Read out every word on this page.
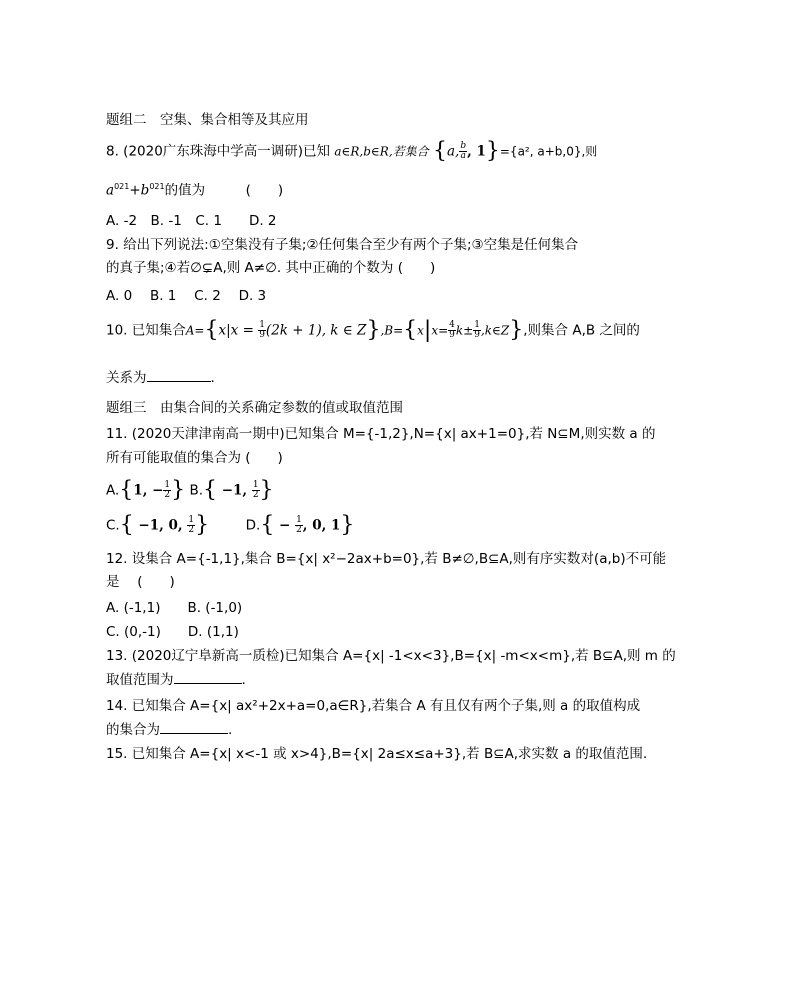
题组二　空集、集合相等及其应用
8. (2020广东珠海中学高一调研)已知 a∈R,b∈R,若集合 {a, $\frac{b}{a}$ , 1}={a², a+b,0},则
$a^{021}+b^{021}$的值为　　　(　　)
A. -2　B. -1　C. 1　　D. 2
9. 给出下列说法:①空集没有子集;②任何集合至少有两个子集;③空集是任何集合
的真子集;④若∅⊊A,则 A≠∅. 其中正确的个数为 (　　)
A. 0　 B. 1　 C. 2　 D. 3
10. 已知集合$A=\{x|x = \frac{1}{9} (2k + 1)$, k ∈ $Z\},B=\{x|x= \frac{4}{9} k\pm \frac{1}{9}$ ,k∈Z},则集合 A,B 之间的
关系为	.
题组三　由集合间的关系确定参数的值或取值范围
11. (2020天津津南高一期中)已知集合 M={-1,2},N={x| ax+1=0},若 N⊆M,则实数 a 的
所有可能取值的集合为 (　　)
A.{1, − $\frac{1}{2}$ } B.{ −1, $\frac{1}{2}$ }
C.{ −1, 0, $\frac{1}{2}$ }	$D.\{ - \frac{1}{2}$ , 0, 1}
12. 设集合 A={-1,1},集合 B={x| x²−2ax+b=0},若 B≠∅,B⊆A,则有序实数对(a,b)不可能
是　 (　　)
A. (-1,1)　　B. (-1,0)
C. (0,-1)　　D. (1,1)
13. (2020辽宁阜新高一质检)已知集合 A={x| -1<x<3},B={x| -m<x<m},若 B⊆A,则 m 的
取值范围为	.
14. 已知集合 A={x| ax²+2x+a=0,a∈R},若集合 A 有且仅有两个子集,则 a 的取值构成
的集合为	.
15. 已知集合 A={x| x<-1 或 x>4},B={x| 2a≤x≤a+3},若 B⊆A,求实数 a 的取值范围.
